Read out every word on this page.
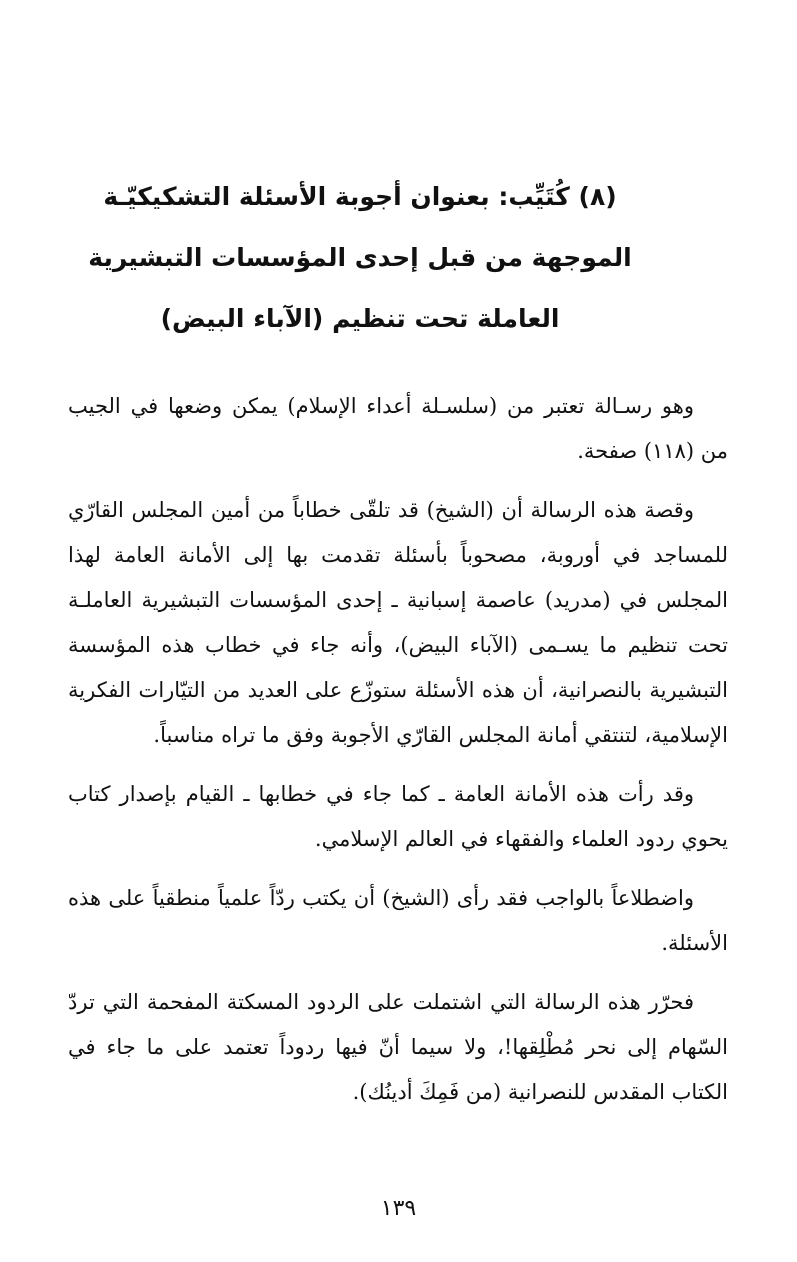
(٨) كُتَيِّب: بعنوان أجوبة الأسئلة التشكيكيّـة
الموجهة من قبل إحدى المؤسسات التبشيرية
العاملة تحت تنظيم (الآباء البيض)

وهو رسـالة تعتبر من (سلسـلة أعداء الإسلام) يمكن وضعها في الجيب من (١١٨) صفحة.

وقصة هذه الرسالة أن (الشيخ) قد تلقّى خطاباً من أمين المجلس القارّي للمساجد في أوروبة، مصحوباً بأسئلة تقدمت بها إلى الأمانة العامة لهذا المجلس في (مدريد) عاصمة إسبانية ـ إحدى المؤسسات التبشيرية العاملـة تحت تنظيم ما يسـمى (الآباء البيض)، وأنه جاء في خطاب هذه المؤسسة التبشيرية بالنصرانية، أن هذه الأسئلة ستوزّع على العديد من التيّارات الفكرية الإسلامية، لتنتقي أمانة المجلس القارّي الأجوبة وفق ما تراه مناسباً.

وقد رأت هذه الأمانة العامة ـ كما جاء في خطابها ـ القيام بإصدار كتاب يحوي ردود العلماء والفقهاء في العالم الإسلامي.

واضطلاعاً بالواجب فقد رأى (الشيخ) أن يكتب ردّاً علمياً منطقياً على هذه الأسئلة.

فحرّر هذه الرسالة التي اشتملت على الردود المسكتة المفحمة التي تردّ السّهام إلى نحر مُطْلِقها!، ولا سيما أنّ فيها ردوداً تعتمد على ما جاء في الكتاب المقدس للنصرانية (من فَمِكَ أدينُك).

١٣٩
